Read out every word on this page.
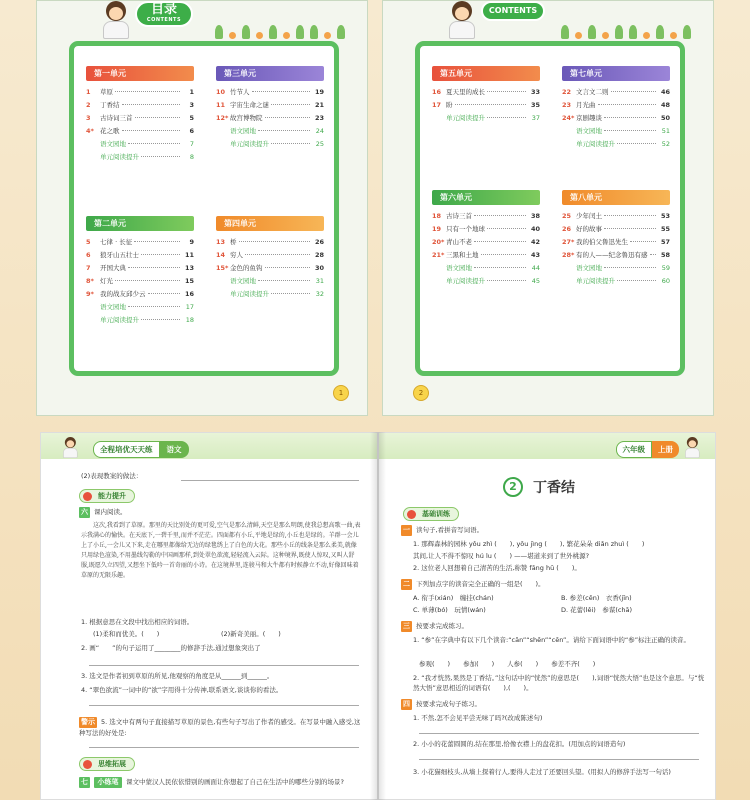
目录
CONTENTS
第一单元
1	草原	1
2	丁香结	3
3	古诗词三首	5
4* 花之歌	6
语文园地	7
单元阅读提升	8
第三单元
10 竹节人	19
11 宇宙生命之谜	21
12* 故宫博物院	23
语文园地	24
单元阅读提升	25
第二单元
5	七律 · 长征	9
6	狼牙山五壮士	11
7	开国大典	13
8* 灯光	15
9* 我的战友邱少云	16
语文园地	17
单元阅读提升	18
第四单元
13 桥	26
14 穷人	28
15* 金色的鱼钩	30
语文园地	31
单元阅读提升	32
1
CONTENTS
第五单元
16 夏天里的成长	33
17 盼	35
单元阅读提升	37
第七单元
22 文言文二则	46
23 月光曲	48
24* 京剧趣谈	50
语文园地	51
单元阅读提升	52
第六单元
18 古诗三首	38
19 只有一个地球	40
20* 青山不老	42
21* 三黑和土地	43
语文园地	44
单元阅读提升	45
第八单元
25 少年闰土	53
26 好的故事	55
27* 我的伯父鲁迅先生	57
28* 有的人——纪念鲁迅有感	58
语文园地	59
单元阅读提升	60
2
全程培优天天练	语文
(2)表现教案的做法：
能力提升
六 课内阅读。
这次,我看到了草原。那里的天比别处的更可爱,空气是那么清鲜,天空是那么明朗,使我总想高歌一曲,表示我满心的愉快。在天底下,一碧千里,而并不茫茫。四面都有小丘,平地是绿的,小丘也是绿的。羊群一会儿上了小丘,一会儿又下来,走在哪里都像给无边的绿毯绣上了白色的大花。那些小丘的线条是那么柔美,就像只用绿色渲染,不用墨线勾勒的中国画那样,到处翠色欲流,轻轻流入云际。这种境界,既使人惊叹,又叫人舒服,既愿久立四望,又想坐下低吟一首奇丽的小诗。在这境界里,连骏马和大牛都有时候静立不动,好像回味着草原的无限乐趣。
1. 根据意思在文段中找出相应的词语。
(1)柔和而优美。(　　)	(2)新奇美丽。(　　)
2. 画“　　”的句子运用了________的修辞手法,通过想象突出了
3. 选文是作者初到草原的所见,他观察的角度是从______到______。
4. “翠色欲流”一词中的“欲”字用得十分传神,联系语文,谈谈你的看法。
警示 5. 选文中有两句子直接描写草原的景色,有些句子写出了作者的感受。在写景中融入感受,这种写法的好处是:
思维拓展
七 小练笔 课文中蒙汉人民依依惜别的画面让你想起了自己在生活中的哪些分别的场景?
六年级	上册
2	丁香结
基础训练
一 读句子,看拼音写词语。
1. 那辉森林的园林 yǒu zhì (　　), yōu jìng (　　), 繁花朵朵 diǎn zhuì (　　)
其间,让人不得不惊叹 hú lu (　　) ——堪道来到了世外桃源?
2. 这位老人回想着自己清苦的生活,称赞 fāng hū (　　)。
二 下列加点字的读音完全正确的一组是(　　)。
A. 衔手(xián)　缠挂(chán)	B. 参差(cēn)　衣香(jīn)
C. 单薄(bó)　玩情(wán)	D. 花蕾(lěi)　参谋(chā)
三 按要求完成练习。
1. “参”在字典中有以下几个读音:“cān”“shēn”“cēn”。请给下面词语中的“参”标注正确的读音。
参观(　　)　　参加(　　)　　人参(　　)　　参差不齐(　　)
2. “我才恍然,果然是丁香结。”这句话中的“恍然”的意思是(　　),词语“恍然大悟”也是这个意思。与“恍然大悟”意思相近的词语有(　　),(　　)。
四 按要求完成句子练习。
1. 不然,怎不会见平尝无味了吗?(改成陈述句)
2. 小小的花蕾圆圆的,结在那里,恰像衣襟上的盘花扣。(用加点的词语造句)
3. 小花猫细枝头,从墙上探着行人,要得人走过了还要回头望。(用拟人的修辞手法写一句话)
